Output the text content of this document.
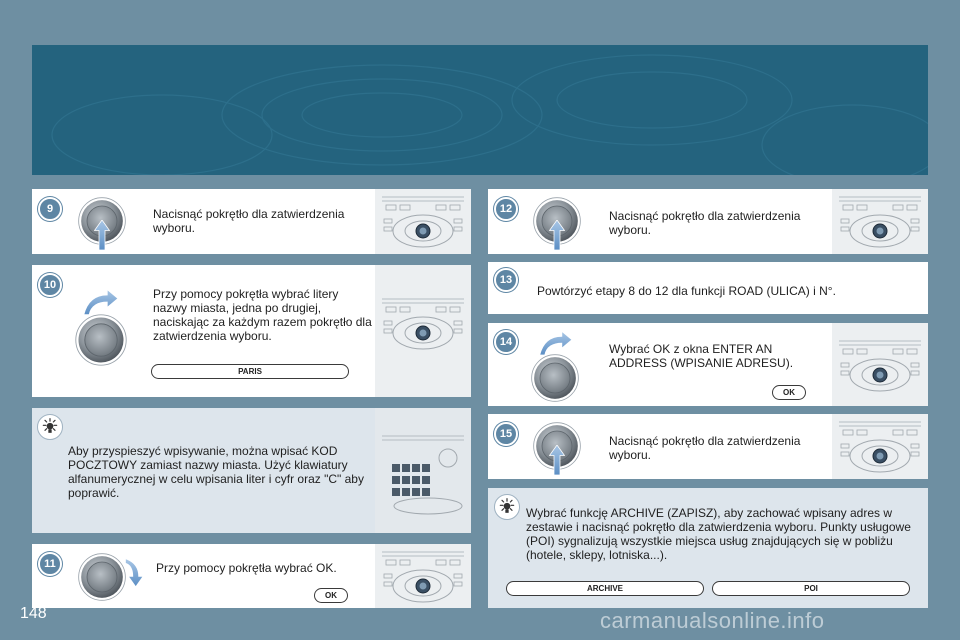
9	Nacisnąć pokrętło dla zatwierdzenia wyboru.
10
Przy pomocy pokrętła wybrać litery nazwy miasta, jedna po drugiej, naciskając za każdym razem pokrętło dla zatwierdzenia wyboru.
PARIS
Aby przyspieszyć wpisywanie, można wpisać KOD POCZTOWY zamiast nazwy miasta. Użyć klawiatury alfanumerycznej w celu wpisania liter i cyfr oraz "C" aby poprawić.
11	Przy pomocy pokrętła wybrać OK.
OK
12	Nacisnąć pokrętło dla zatwierdzenia wyboru.
13
Powtórzyć etapy 8 do 12 dla funkcji ROAD (ULICA) i N°.
14	Wybrać OK z okna ENTER AN ADDRESS (WPISANIE ADRESU).
OK
15	Nacisnąć pokrętło dla zatwierdzenia wyboru.
Wybrać funkcję ARCHIVE (ZAPISZ), aby zachować wpisany adres w zestawie i nacisnąć pokrętło dla zatwierdzenia wyboru. Punkty usługowe (POI) sygnalizują wszystkie miejsca usług znajdujących się w pobliżu (hotele, sklepy, lotniska...).
ARCHIVE	POI
148	carmanualsonline.info
